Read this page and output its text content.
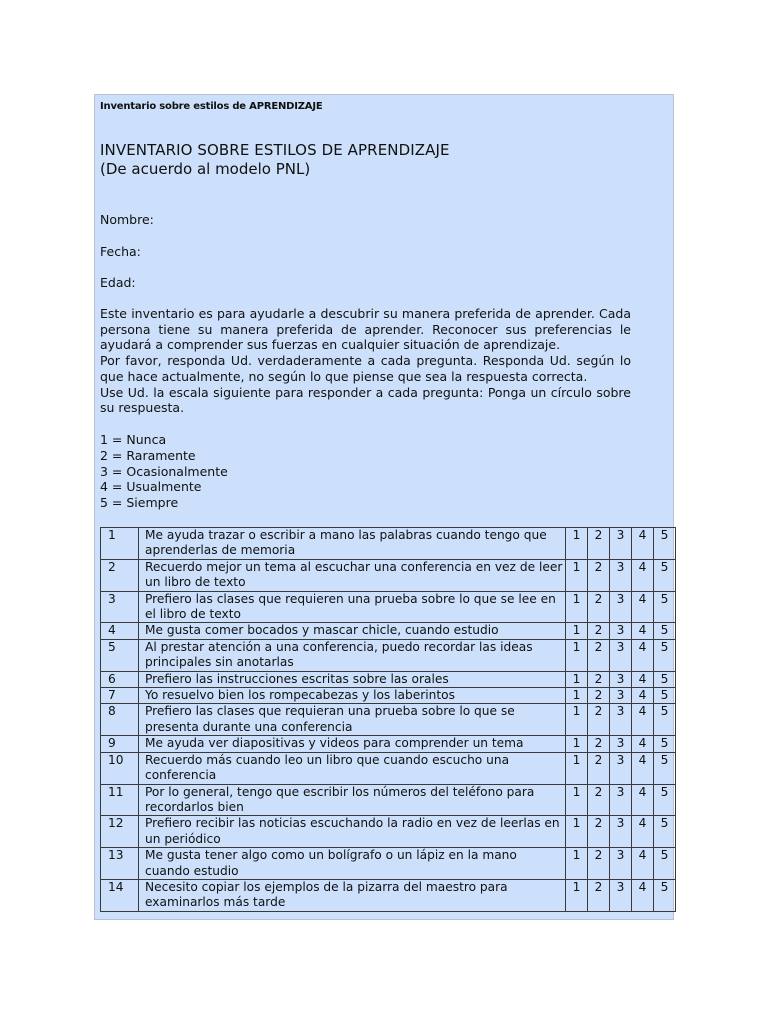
Inventario sobre estilos de APRENDIZAJE
INVENTARIO SOBRE ESTILOS DE APRENDIZAJE
(De acuerdo al modelo PNL)
Nombre:
Fecha:
Edad:

Este inventario es para ayudarle a descubrir su manera preferida de aprender. Cada persona tiene su manera preferida de aprender. Reconocer sus preferencias le ayudará a comprender sus fuerzas en cualquier situación de aprendizaje.

Por favor, responda Ud. verdaderamente a cada pregunta. Responda Ud. según lo que hace actualmente, no según lo que piense que sea la respuesta correcta.

Use Ud. la escala siguiente para responder a cada pregunta: Ponga un círculo sobre su respuesta.

1 = Nunca
2 = Raramente
3 = Ocasionalmente
4 = Usualmente
5 = Siempre
1	Me ayuda trazar o escribir a mano las palabras cuando tengo que aprenderlas de memoria	1	2	3	4	5
2	Recuerdo mejor un tema al escuchar una conferencia en vez de leer un libro de texto	1	2	3	4	5
3	Prefiero las clases que requieren una prueba sobre lo que se lee en el libro de texto	1	2	3	4	5
4	Me gusta comer bocados y mascar chicle, cuando estudio	1	2	3	4	5
5	Al prestar atención a una conferencia, puedo recordar las ideas principales sin anotarlas	1	2	3	4	5
6	Prefiero las instrucciones escritas sobre las orales	1	2	3	4	5
7	Yo resuelvo bien los rompecabezas y los laberintos	1	2	3	4	5
8	Prefiero las clases que requieran una prueba sobre lo que se presenta durante una conferencia	1	2	3	4	5
9	Me ayuda ver diapositivas y videos para comprender un tema	1	2	3	4	5
10	Recuerdo más cuando leo un libro que cuando escucho una conferencia	1	2	3	4	5
11	Por lo general, tengo que escribir los números del teléfono para recordarlos bien	1	2	3	4	5
12	Prefiero recibir las noticias escuchando la radio en vez de leerlas en un periódico	1	2	3	4	5
13	Me gusta tener algo como un bolígrafo o un lápiz en la mano cuando estudio	1	2	3	4	5
14	Necesito copiar los ejemplos de la pizarra del maestro para examinarlos más tarde	1	2	3	4	5
